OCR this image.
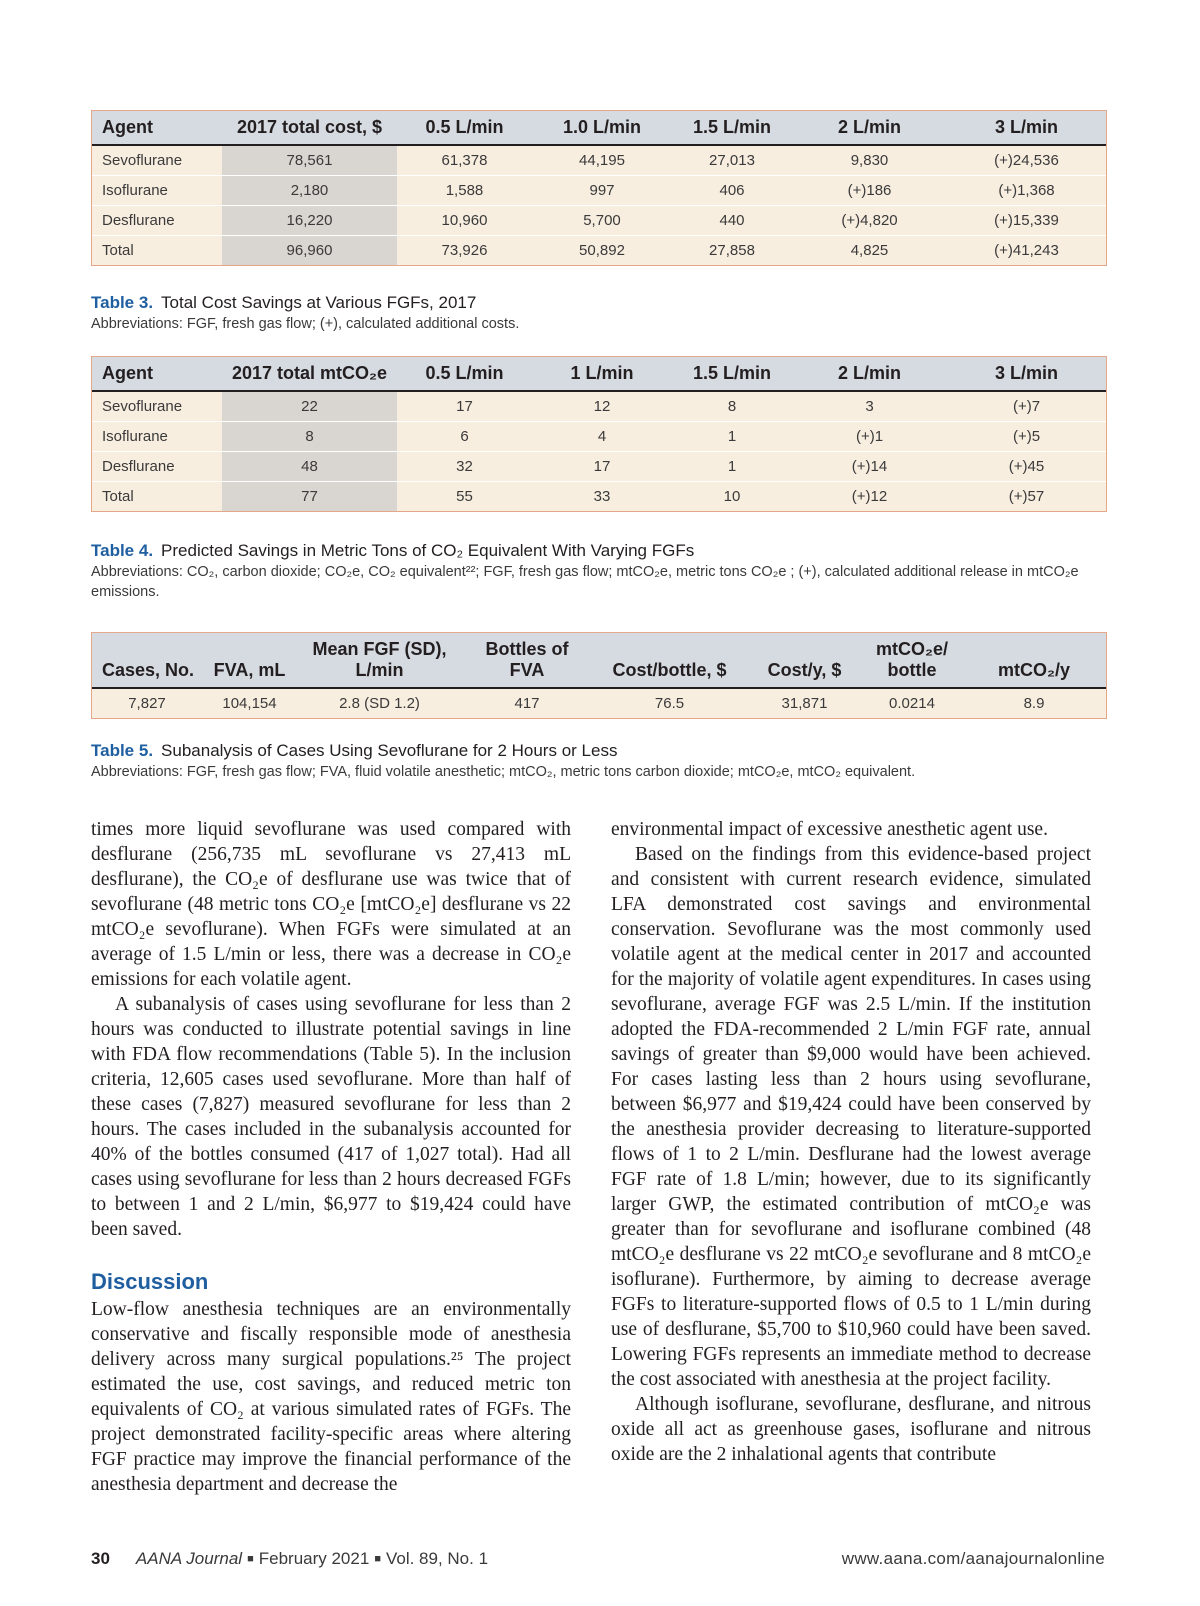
Agent	2017 total cost, $	0.5 L/min	1.0 L/min	1.5 L/min	2 L/min	3 L/min
Sevoflurane	78,561	61,378	44,195	27,013	9,830	(+)24,536
Isoflurane	2,180	1,588	997	406	(+)186	(+)1,368
Desflurane	16,220	10,960	5,700	440	(+)4,820	(+)15,339
Total	96,960	73,926	50,892	27,858	4,825	(+)41,243
Table 3. Total Cost Savings at Various FGFs, 2017
Abbreviations: FGF, fresh gas flow; (+), calculated additional costs.
Agent	2017 total mtCO₂e	0.5 L/min	1 L/min	1.5 L/min	2 L/min	3 L/min
Sevoflurane	22	17	12	8	3	(+)7
Isoflurane	8	6	4	1	(+)1	(+)5
Desflurane	48	32	17	1	(+)14	(+)45
Total	77	55	33	10	(+)12	(+)57
Table 4. Predicted Savings in Metric Tons of CO₂ Equivalent With Varying FGFs
Abbreviations: CO₂, carbon dioxide; CO₂e, CO₂ equivalent²²; FGF, fresh gas flow; mtCO₂e, metric tons CO₂e ; (+), calculated additional release in mtCO₂e emissions.
Cases, No.	FVA, mL	Mean FGF (SD), L/min	Bottles of FVA	Cost/bottle, $	Cost/y, $	mtCO₂e/ bottle	mtCO₂/y
7,827	104,154	2.8 (SD 1.2)	417	76.5	31,871	0.0214	8.9
Table 5. Subanalysis of Cases Using Sevoflurane for 2 Hours or Less
Abbreviations: FGF, fresh gas flow; FVA, fluid volatile anesthetic; mtCO₂, metric tons carbon dioxide; mtCO₂e, mtCO₂ equivalent.

times more liquid sevoflurane was used compared with desflurane (256,735 mL sevoflurane vs 27,413 mL desflurane), the CO₂e of desflurane use was twice that of sevoflurane (48 metric tons CO₂e [mtCO₂e] desflurane vs 22 mtCO₂e sevoflurane). When FGFs were simulated at an average of 1.5 L/min or less, there was a decrease in CO₂e emissions for each volatile agent.

A subanalysis of cases using sevoflurane for less than 2 hours was conducted to illustrate potential savings in line with FDA flow recommendations (Table 5). In the inclusion criteria, 12,605 cases used sevoflurane. More than half of these cases (7,827) measured sevoflurane for less than 2 hours. The cases included in the subanalysis accounted for 40% of the bottles consumed (417 of 1,027 total). Had all cases using sevoflurane for less than 2 hours decreased FGFs to between 1 and 2 L/min, $6,977 to $19,424 could have been saved.

Discussion

Low-flow anesthesia techniques are an environmentally conservative and fiscally responsible mode of anesthesia delivery across many surgical populations.²⁵ The project estimated the use, cost savings, and reduced metric ton equivalents of CO₂ at various simulated rates of FGFs. The project demonstrated facility-specific areas where altering FGF practice may improve the financial performance of the anesthesia department and decrease the

environmental impact of excessive anesthetic agent use.

Based on the findings from this evidence-based project and consistent with current research evidence, simulated LFA demonstrated cost savings and environmental conservation. Sevoflurane was the most commonly used volatile agent at the medical center in 2017 and accounted for the majority of volatile agent expenditures. In cases using sevoflurane, average FGF was 2.5 L/min. If the institution adopted the FDA-recommended 2 L/min FGF rate, annual savings of greater than $9,000 would have been achieved. For cases lasting less than 2 hours using sevoflurane, between $6,977 and $19,424 could have been conserved by the anesthesia provider decreasing to literature-supported flows of 1 to 2 L/min. Desflurane had the lowest average FGF rate of 1.8 L/min; however, due to its significantly larger GWP, the estimated contribution of mtCO₂e was greater than for sevoflurane and isoflurane combined (48 mtCO₂e desflurane vs 22 mtCO₂e sevoflurane and 8 mtCO₂e isoflurane). Furthermore, by aiming to decrease average FGFs to literature-supported flows of 0.5 to 1 L/min during use of desflurane, $5,700 to $10,960 could have been saved. Lowering FGFs represents an immediate method to decrease the cost associated with anesthesia at the project facility.

Although isoflurane, sevoflurane, desflurane, and nitrous oxide all act as greenhouse gases, isoflurane and nitrous oxide are the 2 inhalational agents that contribute

30 AANA Journal ■ February 2021 ■ Vol. 89, No. 1	www.aana.com/aanajournalonline
